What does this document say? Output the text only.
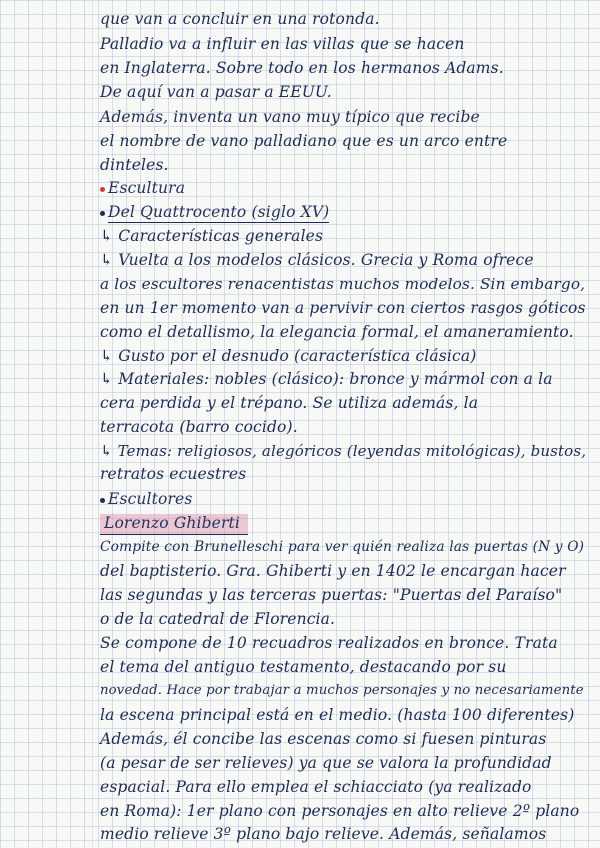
que van a concluir en una rotonda.
Palladio va a influir en las villas que se hacen
en Inglaterra. Sobre todo en los hermanos Adams.
De aquí van a pasar a EEUU.
Además, inventa un vano muy típico que recibe
el nombre de vano palladiano que es un arco entre
dinteles.
Escultura
Del Quattrocento (siglo XV)
↳ Características generales
↳ Vuelta a los modelos clásicos. Grecia y Roma ofrece
a los escultores renacentistas muchos modelos. Sin embargo,
en un 1er momento van a pervivir con ciertos rasgos góticos
como el detallismo, la elegancia formal, el amaneramiento.
↳ Gusto por el desnudo (característica clásica)
↳ Materiales: nobles (clásico): bronce y mármol con a la
cera perdida y el trépano. Se utiliza además, la
terracota (barro cocido).
↳ Temas: religiosos, alegóricos (leyendas mitológicas), bustos,
retratos ecuestres
Escultores
Lorenzo Ghiberti
Compite con Brunelleschi para ver quién realiza las puertas (N y O)
del baptisterio. Gra. Ghiberti y en 1402 le encargan hacer
las segundas y las terceras puertas: "Puertas del Paraíso"
o de la catedral de Florencia.
Se compone de 10 recuadros realizados en bronce. Trata
el tema del antiguo testamento, destacando por su
novedad. Hace por trabajar a muchos personajes y no necesariamente
la escena principal está en el medio. (hasta 100 diferentes)
Además, él concibe las escenas como si fuesen pinturas
(a pesar de ser relieves) ya que se valora la profundidad
espacial. Para ello emplea el schiacciato (ya realizado
en Roma): 1er plano con personajes en alto relieve 2º plano
medio relieve 3º plano bajo relieve. Además, señalamos
